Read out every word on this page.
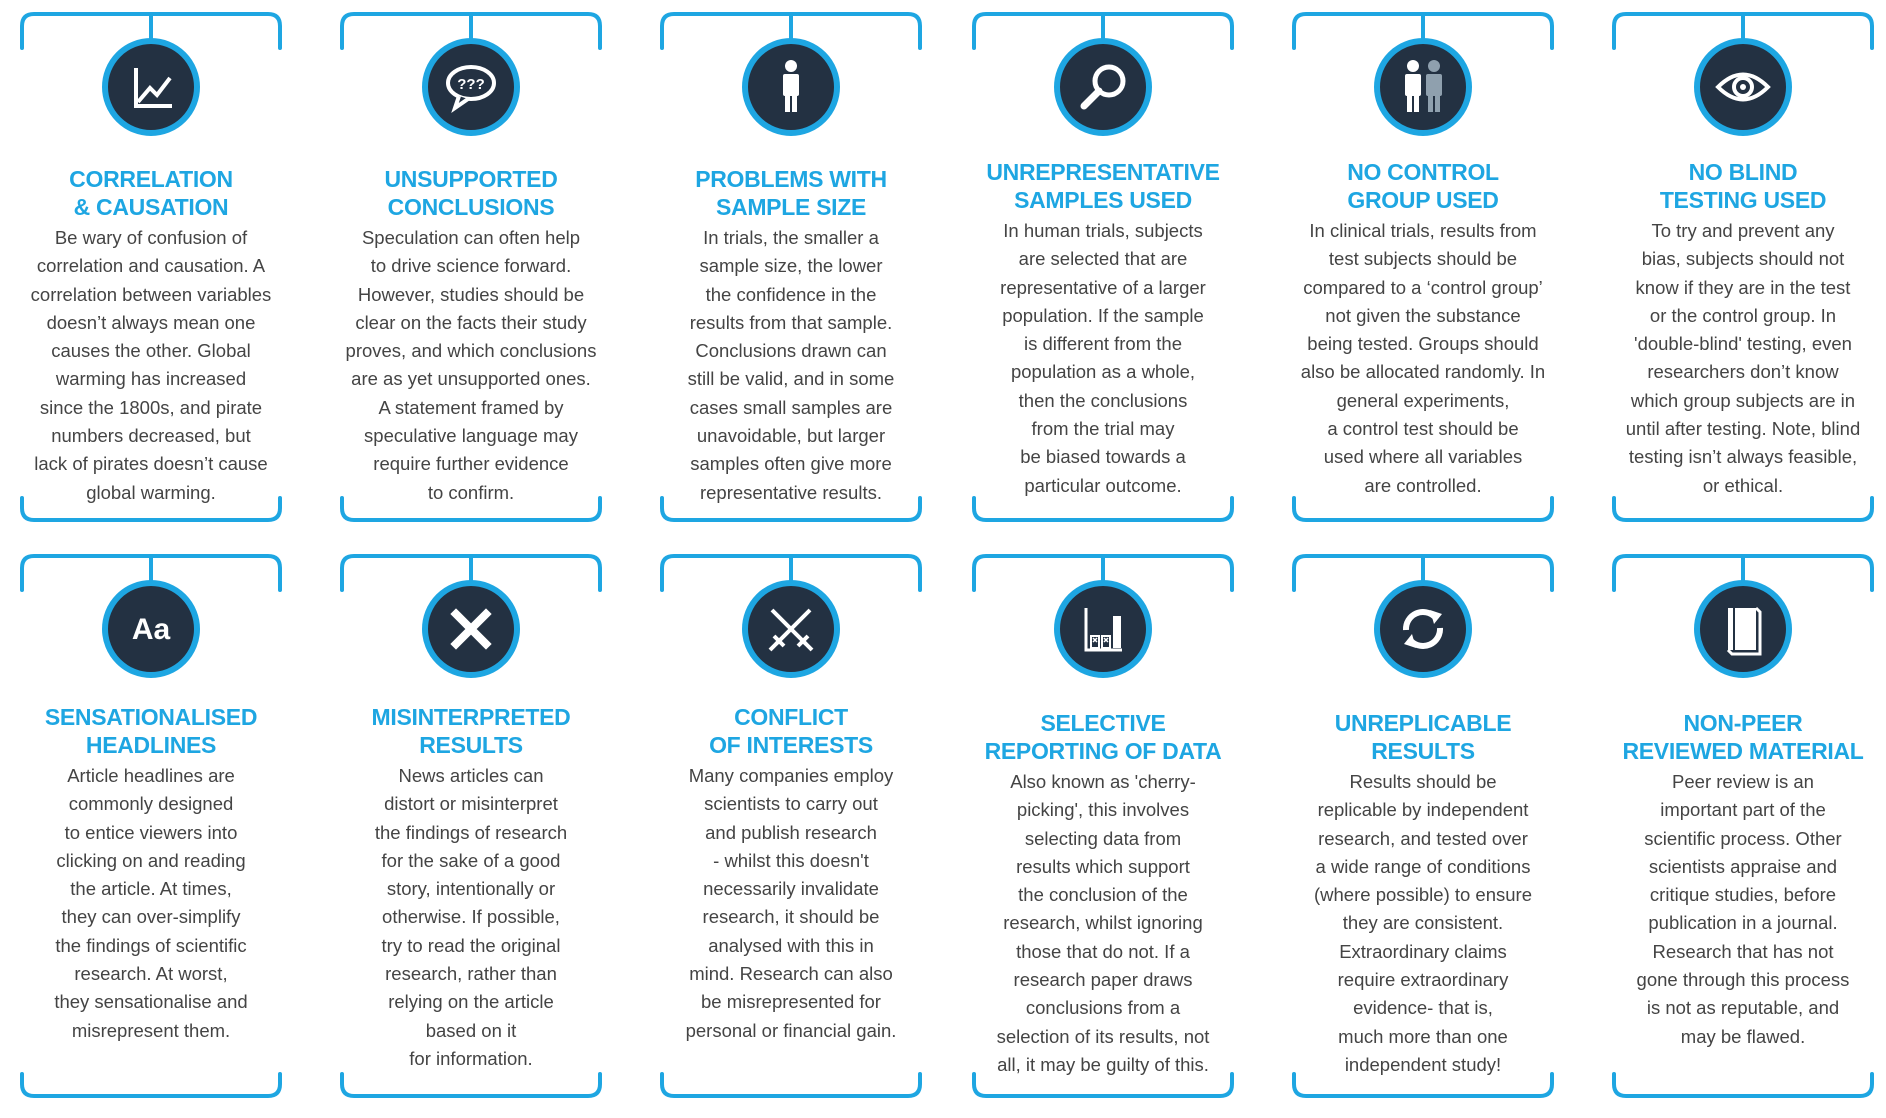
CORRELATION
& CAUSATION
Be wary of confusion of
correlation and causation. A
correlation between variables
doesn’t always mean one
causes the other. Global
warming has increased
since the 1800s, and pirate
numbers decreased, but
lack of pirates doesn’t cause
global warming.
???
UNSUPPORTED
CONCLUSIONS
Speculation can often help
to drive science forward.
However, studies should be
clear on the facts their study
proves, and which conclusions
are as yet unsupported ones.
A statement framed by
speculative language may
require further evidence
to confirm.
PROBLEMS WITH
SAMPLE SIZE
In trials, the smaller a
sample size, the lower
the confidence in the
results from that sample.
Conclusions drawn can
still be valid, and in some
cases small samples are
unavoidable, but larger
samples often give more
representative results.
UNREPRESENTATIVE
SAMPLES USED
In human trials, subjects
are selected that are
representative of a larger
population. If the sample
is different from the
population as a whole,
then the conclusions
from the trial may
be biased towards a
particular outcome.
NO CONTROL
GROUP USED
In clinical trials, results from
test subjects should be
compared to a ‘control group’
not given the substance
being tested. Groups should
also be allocated randomly. In
general experiments,
a control test should be
used where all variables
are controlled.
NO BLIND
TESTING USED
To try and prevent any
bias, subjects should not
know if they are in the test
or the control group. In
'double-blind' testing, even
researchers don’t know
which group subjects are in
until after testing. Note, blind
testing isn’t always feasible,
or ethical.
Aa
SENSATIONALISED
HEADLINES
Article headlines are
commonly designed
to entice viewers into
clicking on and reading
the article. At times,
they can over-simplify
the findings of scientific
research. At worst,
they sensationalise and
misrepresent them.
MISINTERPRETED
RESULTS
News articles can
distort or misinterpret
the findings of research
for the sake of a good
story, intentionally or
otherwise. If possible,
try to read the original
research, rather than
relying on the article
based on it
for information.
CONFLICT
OF INTERESTS
Many companies employ
scientists to carry out
and publish research
- whilst this doesn't
necessarily invalidate
research, it should be
analysed with this in
mind. Research can also
be misrepresented for
personal or financial gain.
SELECTIVE
REPORTING OF DATA
Also known as 'cherry-
picking', this involves
selecting data from
results which support
the conclusion of the
research, whilst ignoring
those that do not. If a
research paper draws
conclusions from a
selection of its results, not
all, it may be guilty of this.
UNREPLICABLE
RESULTS
Results should be
replicable by independent
research, and tested over
a wide range of conditions
(where possible) to ensure
they are consistent.
Extraordinary claims
require extraordinary
evidence- that is,
much more than one
independent study!
NON-PEER
REVIEWED MATERIAL
Peer review is an
important part of the
scientific process. Other
scientists appraise and
critique studies, before
publication in a journal.
Research that has not
gone through this process
is not as reputable, and
may be flawed.
